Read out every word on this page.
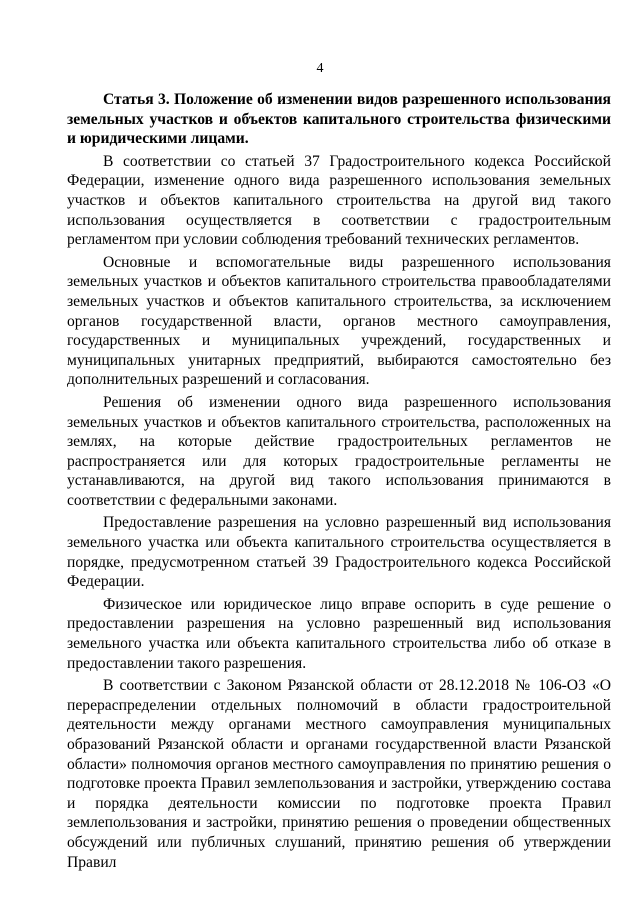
4

Статья 3. Положение об изменении видов разрешенного использования земельных участков и объектов капитального строительства физическими и юридическими лицами.

В соответствии со статьей 37 Градостроительного кодекса Российской Федерации, изменение одного вида разрешенного использования земельных участков и объектов капитального строительства на другой вид такого использования осуществляется в соответствии с градостроительным регламентом при условии соблюдения требований технических регламентов.

Основные и вспомогательные виды разрешенного использования земельных участков и объектов капитального строительства правообладателями земельных участков и объектов капитального строительства, за исключением органов государственной власти, органов местного самоуправления, государственных и муниципальных учреждений, государственных и муниципальных унитарных предприятий, выбираются самостоятельно без дополнительных разрешений и согласования.

Решения об изменении одного вида разрешенного использования земельных участков и объектов капитального строительства, расположенных на землях, на которые действие градостроительных регламентов не распространяется или для которых градостроительные регламенты не устанавливаются, на другой вид такого использования принимаются в соответствии с федеральными законами.

Предоставление разрешения на условно разрешенный вид использования земельного участка или объекта капитального строительства осуществляется в порядке, предусмотренном статьей 39 Градостроительного кодекса Российской Федерации.

Физическое или юридическое лицо вправе оспорить в суде решение о предоставлении разрешения на условно разрешенный вид использования земельного участка или объекта капитального строительства либо об отказе в предоставлении такого разрешения.

В соответствии с Законом Рязанской области от 28.12.2018 № 106-ОЗ «О перераспределении отдельных полномочий в области градостроительной деятельности между органами местного самоуправления муниципальных образований Рязанской области и органами государственной власти Рязанской области» полномочия органов местного самоуправления по принятию решения о подготовке проекта Правил землепользования и застройки, утверждению состава и порядка деятельности комиссии по подготовке проекта Правил землепользования и застройки, принятию решения о проведении общественных обсуждений или публичных слушаний, принятию решения об утверждении Правил
